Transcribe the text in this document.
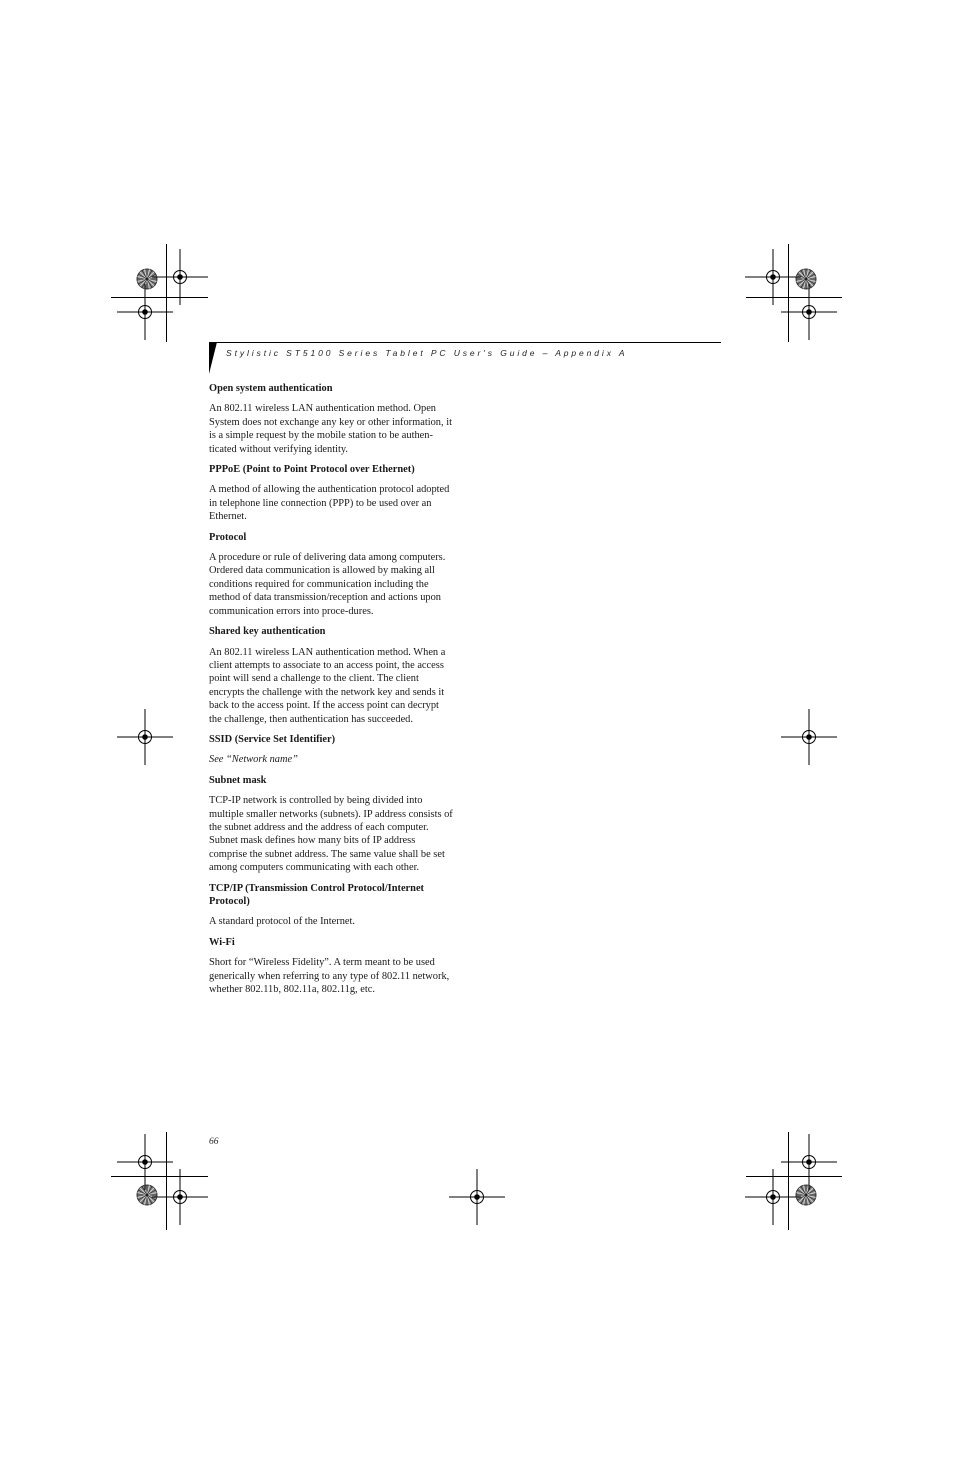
Stylistic ST5100 Series Tablet PC User's Guide – Appendix A

Open system authentication

An 802.11 wireless LAN authentication method. Open System does not exchange any key or other information, it is a simple request by the mobile station to be authen-ticated without verifying identity.

PPPoE (Point to Point Protocol over Ethernet)

A method of allowing the authentication protocol adopted in telephone line connection (PPP) to be used over an Ethernet.

Protocol

A procedure or rule of delivering data among computers. Ordered data communication is allowed by making all conditions required for communication including the method of data transmission/reception and actions upon communication errors into proce-dures.

Shared key authentication

An 802.11 wireless LAN authentication method. When a client attempts to associate to an access point, the access point will send a challenge to the client. The client encrypts the challenge with the network key and sends it back to the access point. If the access point can decrypt the challenge, then authentication has succeeded.

SSID (Service Set Identifier)

See “Network name”

Subnet mask

TCP-IP network is controlled by being divided into multiple smaller networks (subnets). IP address consists of the subnet address and the address of each computer. Subnet mask defines how many bits of IP address comprise the subnet address. The same value shall be set among computers communicating with each other.

TCP/IP (Transmission Control Protocol/Internet Protocol)

A standard protocol of the Internet.

Wi-Fi

Short for “Wireless Fidelity”. A term meant to be used generically when referring to any type of 802.11 network, whether 802.11b, 802.11a, 802.11g, etc.

66
